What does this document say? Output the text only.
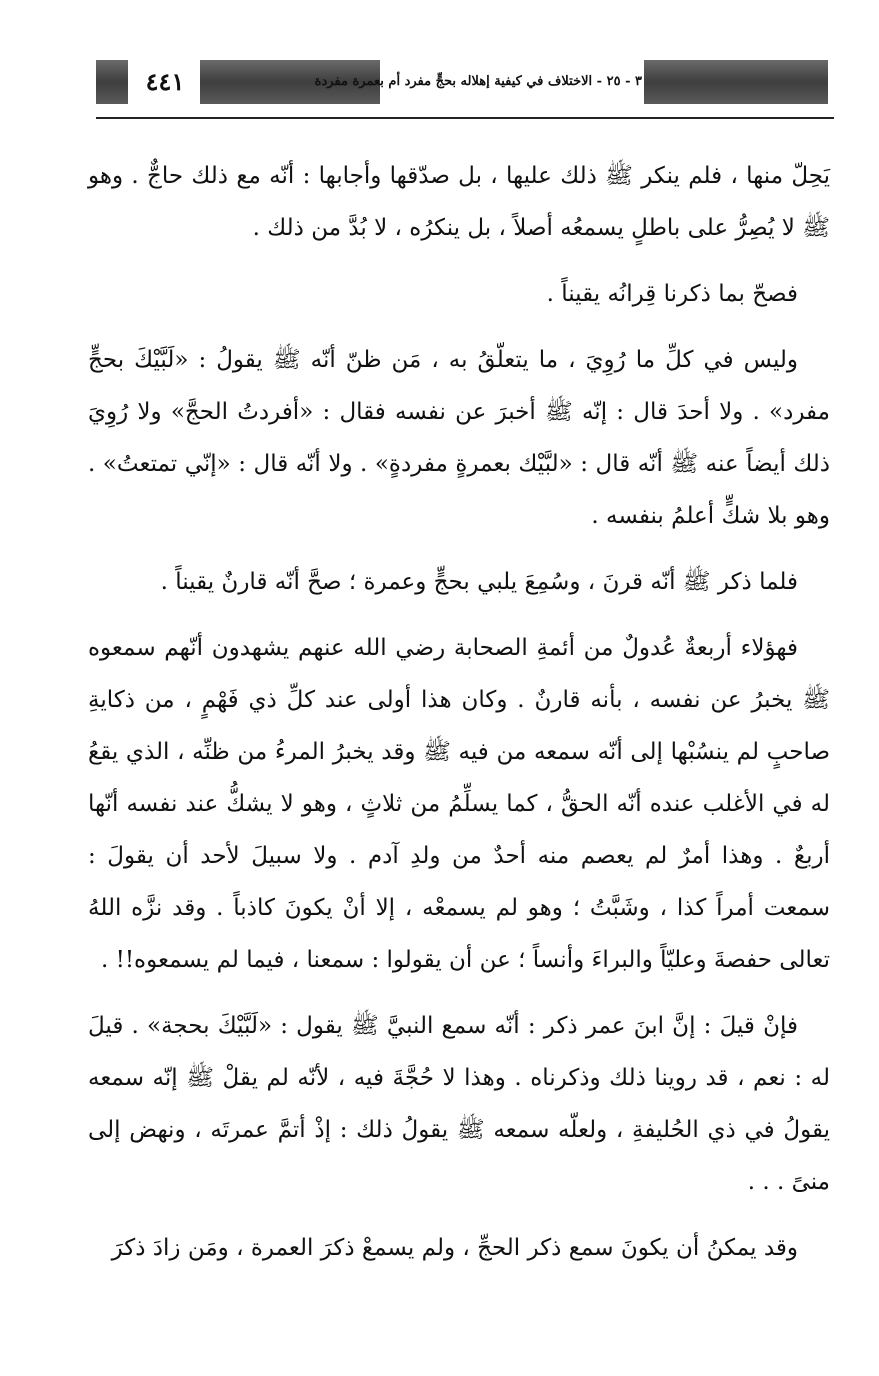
٤٤١	٣ - ٢٥ - الاختلاف في كيفية إهلاله بحجٍّ مفرد أم بعمرة مفردة

يَحِلّ منها ، فلم ينكر ﷺ ذلك عليها ، بل صدّقها وأجابها : أنّه مع ذلك حاجٌّ . وهو ﷺ لا يُصِرُّ على باطلٍ يسمعُه أصلاً ، بل ينكرُه ، لا بُدَّ من ذلك .

فصحّ بما ذكرنا قِرانُه يقيناً .

وليس في كلِّ ما رُوِيَ ، ما يتعلّقُ به ، مَن ظنّ أنّه ﷺ يقولُ : «لَبَّيْكَ بحجٍّ مفرد» . ولا أحدَ قال : إنّه ﷺ أخبرَ عن نفسه فقال : «أفردتُ الحجَّ» ولا رُوِيَ ذلك أيضاً عنه ﷺ أنّه قال : «لبَّيْك بعمرةٍ مفردةٍ» . ولا أنّه قال : «إنّي تمتعتُ» . وهو بلا شكٍّ أعلمُ بنفسه .

فلما ذكر ﷺ أنّه قرنَ ، وسُمِعَ يلبي بحجٍّ وعمرة ؛ صحَّ أنّه قارنٌ يقيناً .

فهؤلاء أربعةٌ عُدولٌ من أئمةِ الصحابة رضي الله عنهم يشهدون أنّهم سمعوه ﷺ يخبرُ عن نفسه ، بأنه قارنٌ . وكان هذا أولى عند كلِّ ذي فَهْمٍ ، من ذكايةِ صاحبٍ لم ينسُبْها إلى أنّه سمعه من فيه ﷺ وقد يخبرُ المرءُ من ظنِّه ، الذي يقعُ له في الأغلب عنده أنّه الحقُّ ، كما يسلِّمُ من ثلاثٍ ، وهو لا يشكُّ عند نفسه أنّها أربعٌ . وهذا أمرٌ لم يعصم منه أحدٌ من ولدِ آدم . ولا سبيلَ لأحد أن يقولَ : سمعت أمراً كذا ، وشَبَّتُ ؛ وهو لم يسمعْه ، إلا أنْ يكونَ كاذباً . وقد نزَّه اللهُ تعالى حفصةَ وعليّاً والبراءَ وأنساً ؛ عن أن يقولوا : سمعنا ، فيما لم يسمعوه!! .

فإنْ قيلَ : إنَّ ابنَ عمر ذكر : أنّه سمع النبيَّ ﷺ يقول : «لَبَّيْكَ بحجة» . قيلَ له : نعم ، قد روينا ذلك وذكرناه . وهذا لا حُجَّةَ فيه ، لأنّه لم يقلْ ﷺ إنّه سمعه يقولُ في ذي الحُليفةِ ، ولعلّه سمعه ﷺ يقولُ ذلك : إذْ أتمَّ عمرتَه ، ونهض إلى منىً . . .

وقد يمكنُ أن يكونَ سمع ذكر الحجِّ ، ولم يسمعْ ذكرَ العمرة ، ومَن زادَ ذكرَ
